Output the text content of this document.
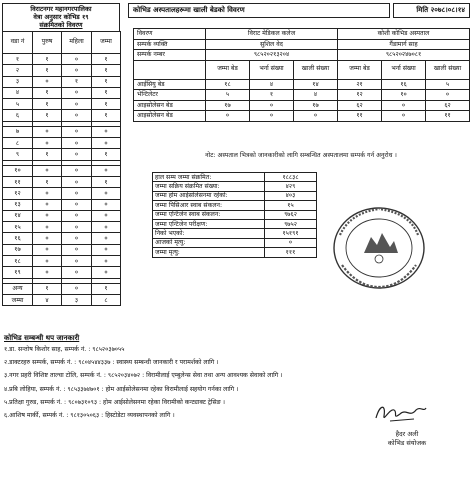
विराटनगर महानगरपालिका
वेत्रा अनुसार कोभिड १९
संक्रमितको विवरण
वडा नं	पुरुष	महिला	जम्मा
१	१	०	१
२	१	०	१
३	०	१	१
४	१	०	१
५	१	०	१
६	१	०	१

७	०	०	०
८	०	०	०
९	१	०	१

१०	०	०	०
११	१	०	१
१२	०	०	०
१३	०	०	०
१४	०	०	०
१५	०	०	०
१६	०	०	०
१७	०	०	०
१८	०	०	०
१९	०	०	०

अन्य	१	०	१
जम्मा	४	३	८
कोभिड अस्पतालहरूमा खाली बेडको विवरण	मिति २०७८।०८।१४
विवरण	विराट मेडिकल कलेज			कोशी कोभिड अस्पताल		
सम्पर्क व्यक्ति	सुशिल वेद			गैंडामार्ग साह		
सम्पर्क नम्बर	९८५२०२१३२०४			९८५२०२४७०८१		
	जम्मा बेड	भर्ना संख्या	खाली संख्या	जम्मा बेड	भर्ना संख्या	खाली संख्या
आईसियु बेड	१८	४	१४	२१	१६	५
भेन्टिलेटर	५	१	४	१२	१०	०
आइसोलेसन बेड	१७	०	१७	६२	०	६२
आइसोलेसन बेड	०	०	०	११	०	११
नोट: अस्पताल भित्रको जानकारीको लागि सम्बन्धित अस्पतालमा सम्पर्क गर्न अनुरोध ।
हाल सम्म जम्मा संक्रमित:	१८८३८
जम्मा सक्रिय संक्रमित संख्या:	४२९
जम्मा होम आईसोलेसनमा रहेको:	४०३
जम्मा पिसिआर स्वाब संकलन:	१५
जम्मा एन्टिजेन स्वाब संकलन:	९७६२
जम्मा एन्टिजेन परीक्षण:	९७५२
निको भएको:	१५१९१
आजको मृत्यु:	०
जम्मा मृत्यु:	१११
कोभिड सम्बन्धी थप जानकारी
१.डा. सन्तोष किशोर साह, सम्पर्क नं. : ९८५२०३७०५५
२.डाक्टरहरु सम्पर्क, सम्पर्क नं. : ९८०४५४४३३७ : स्वास्थ्य सम्बन्धी जानकारी र परामर्शको लागि ।
३.नगर प्रहरी विशिष्ट ताल्चा टोलि, सम्पर्क नं. : ९८५२०३४०७२ : विरामीलाई एम्बुलेन्स सेवा तथा अन्य आवश्यक सेवाको लागि ।
४.प्रबि लोहिया, सम्पर्क नं. : ९८५३३७४७०१ : होम आईसोलेसनमा रहेका विरामीलाई सहयोग गर्नका लागि ।
५.प्रतिक्षा गुरुड, सम्पर्क नं. : ९८०७३१०९३ : होम आईसोलेसनमा रहेका विरामीको कन्ट्याक्ट ट्रेसिङ ।
६.आशिष मार्की, सम्पर्क नं. : ९८१३०५०६३ : हिस्टोडेटा व्यवस्थापनको लागि ।
हैदर अली
कोभिड संयोजक
